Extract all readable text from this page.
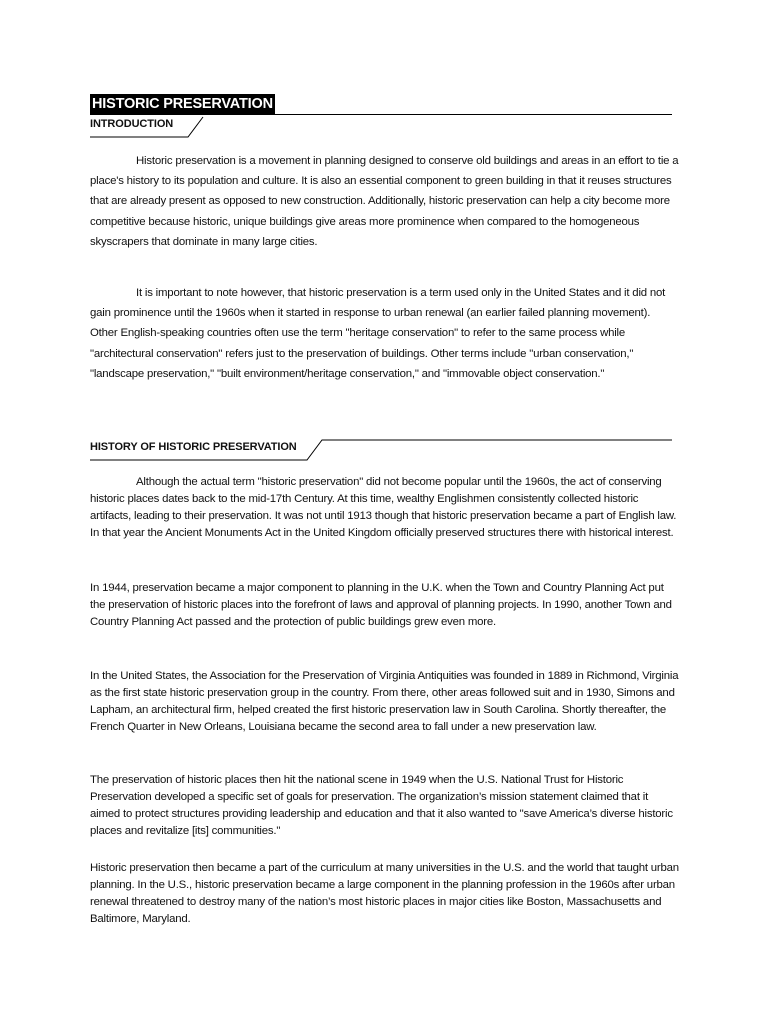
HISTORIC PRESERVATION
INTRODUCTION

Historic preservation is a movement in planning designed to conserve old buildings and areas in an effort to tie a place's history to its population and culture. It is also an essential component to green building in that it reuses structures that are already present as opposed to new construction. Additionally, historic preservation can help a city become more competitive because historic, unique buildings give areas more prominence when compared to the homogeneous skyscrapers that dominate in many large cities.

It is important to note however, that historic preservation is a term used only in the United States and it did not gain prominence until the 1960s when it started in response to urban renewal (an earlier failed planning movement). Other English-speaking countries often use the term "heritage conservation" to refer to the same process while "architectural conservation" refers just to the preservation of buildings. Other terms include "urban conservation," "landscape preservation," "built environment/heritage conservation," and "immovable object conservation."

HISTORY OF HISTORIC PRESERVATION

Although the actual term "historic preservation" did not become popular until the 1960s, the act of conserving historic places dates back to the mid-17th Century. At this time, wealthy Englishmen consistently collected historic artifacts, leading to their preservation. It was not until 1913 though that historic preservation became a part of English law. In that year the Ancient Monuments Act in the United Kingdom officially preserved structures there with historical interest.

In 1944, preservation became a major component to planning in the U.K. when the Town and Country Planning Act put the preservation of historic places into the forefront of laws and approval of planning projects. In 1990, another Town and Country Planning Act passed and the protection of public buildings grew even more.

In the United States, the Association for the Preservation of Virginia Antiquities was founded in 1889 in Richmond, Virginia as the first state historic preservation group in the country. From there, other areas followed suit and in 1930, Simons and Lapham, an architectural firm, helped created the first historic preservation law in South Carolina. Shortly thereafter, the French Quarter in New Orleans, Louisiana became the second area to fall under a new preservation law.

The preservation of historic places then hit the national scene in 1949 when the U.S. National Trust for Historic Preservation developed a specific set of goals for preservation. The organization’s mission statement claimed that it aimed to protect structures providing leadership and education and that it also wanted to "save America’s diverse historic places and revitalize [its] communities."

Historic preservation then became a part of the curriculum at many universities in the U.S. and the world that taught urban planning. In the U.S., historic preservation became a large component in the planning profession in the 1960s after urban renewal threatened to destroy many of the nation’s most historic places in major cities like Boston, Massachusetts and Baltimore, Maryland.
